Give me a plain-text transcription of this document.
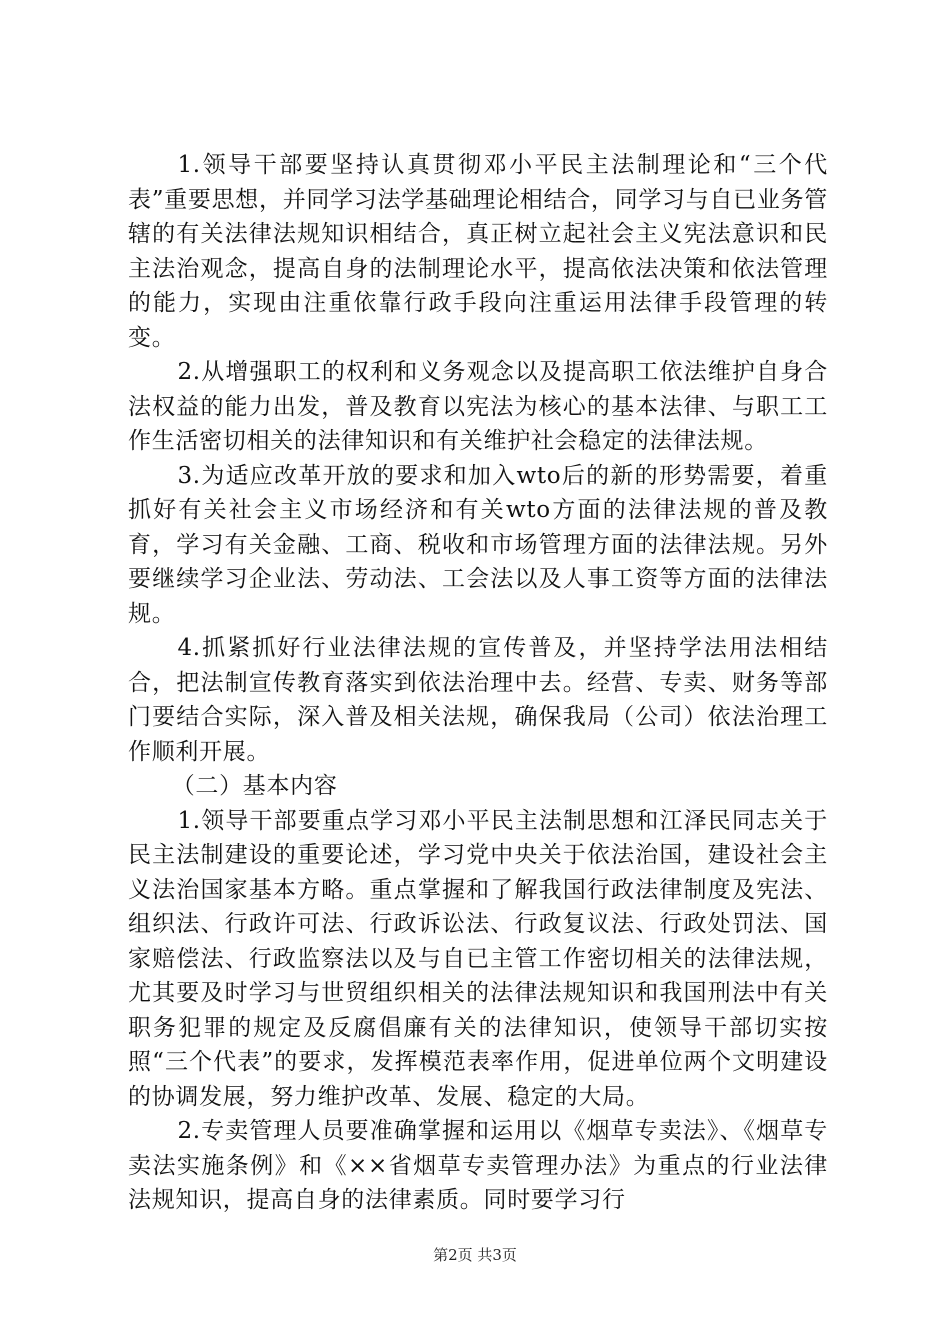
1.领导干部要坚持认真贯彻邓小平民主法制理论和“三个代表”重要思想，并同学习法学基础理论相结合，同学习与自已业务管辖的有关法律法规知识相结合，真正树立起社会主义宪法意识和民主法治观念，提高自身的法制理论水平，提高依法决策和依法管理的能力，实现由注重依靠行政手段向注重运用法律手段管理的转变。

2.从增强职工的权利和义务观念以及提高职工依法维护自身合法权益的能力出发，普及教育以宪法为核心的基本法律、与职工工作生活密切相关的法律知识和有关维护社会稳定的法律法规。

3.为适应改革开放的要求和加入wto后的新的形势需要，着重抓好有关社会主义市场经济和有关wto方面的法律法规的普及教育，学习有关金融、工商、税收和市场管理方面的法律法规。另外要继续学习企业法、劳动法、工会法以及人事工资等方面的法律法规。

4.抓紧抓好行业法律法规的宣传普及，并坚持学法用法相结合，把法制宣传教育落实到依法治理中去。经营、专卖、财务等部门要结合实际，深入普及相关法规，确保我局（公司）依法治理工作顺利开展。

（二）基本内容

1.领导干部要重点学习邓小平民主法制思想和江泽民同志关于民主法制建设的重要论述，学习党中央关于依法治国，建设社会主义法治国家基本方略。重点掌握和了解我国行政法律制度及宪法、组织法、行政许可法、行政诉讼法、行政复议法、行政处罚法、国家赔偿法、行政监察法以及与自已主管工作密切相关的法律法规，尤其要及时学习与世贸组织相关的法律法规知识和我国刑法中有关职务犯罪的规定及反腐倡廉有关的法律知识，使领导干部切实按照“三个代表”的要求，发挥模范表率作用，促进单位两个文明建设的协调发展，努力维护改革、发展、稳定的大局。

2.专卖管理人员要准确掌握和运用以《烟草专卖法》、《烟草专卖法实施条例》和《××省烟草专卖管理办法》为重点的行业法律法规知识，提高自身的法律素质。同时要学习行

第2页 共3页
